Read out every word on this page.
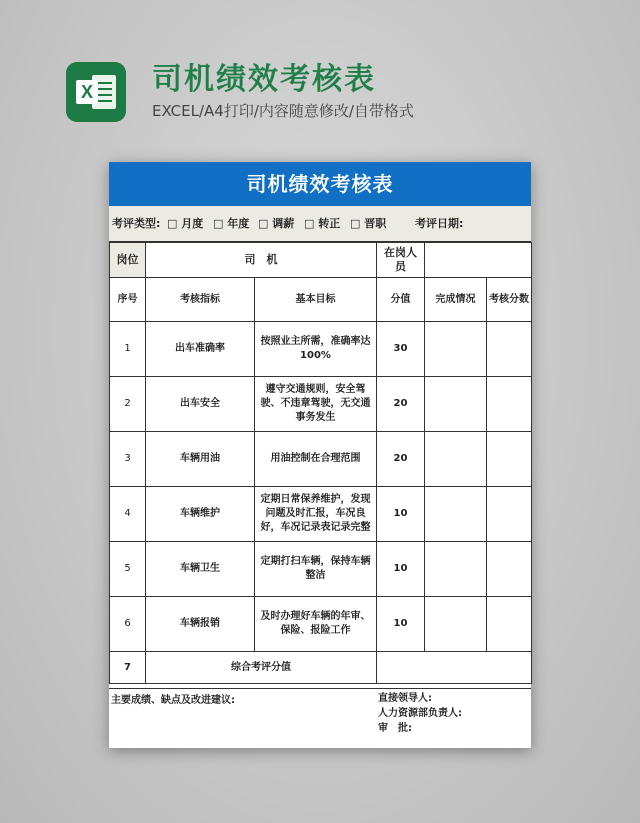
X 司机绩效考核表
EXCEL/A4打印/内容随意修改/自带格式
司机绩效考核表
考评类型: □ 月度 □ 年度 □ 调薪 □ 转正 □ 晋职	考评日期:
岗位	司　机		在岗人员		
序号	考核指标	基本目标	分值	完成情况	考核分数
1	出车准确率	按照业主所需，准确率达100%	30		
2	出车安全	遵守交通规则，安全驾驶、不违章驾驶，无交通事务发生	20		
3	车辆用油	用油控制在合理范围	20		
4	车辆维护	定期日常保养维护，发现问题及时汇报，车况良好，车况记录表记录完整	10		
5	车辆卫生	定期打扫车辆，保持车辆整洁	10		
6	车辆报销	及时办理好车辆的年审、保险、报险工作	10		
7	综合考评分值				
主要成绩、缺点及改进建议:	直接领导人:
人力资源部负责人:
审　批:
